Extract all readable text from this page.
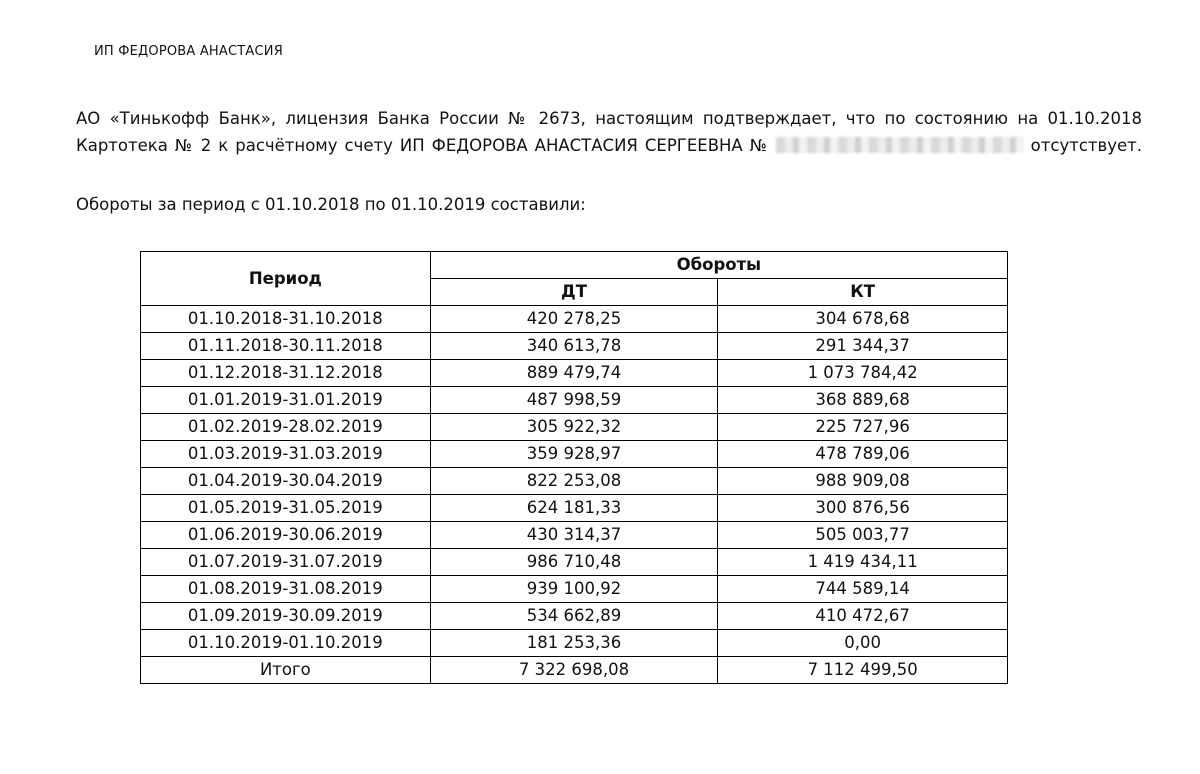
ИП ФЕДОРОВА АНАСТАСИЯ
АО «Тинькофф Банк», лицензия Банка России № 2673, настоящим подтверждает, что по состоянию на 01.10.2018
Картотека № 2 к расчётному счету ИП ФЕДОРОВА АНАСТАСИЯ СЕРГЕЕВНА №	отсутствует.
Обороты за период с 01.10.2018 по 01.10.2019 составили:
Период	Обороты	
	ДТ	КТ
01.10.2018-31.10.2018	420 278,25	304 678,68
01.11.2018-30.11.2018	340 613,78	291 344,37
01.12.2018-31.12.2018	889 479,74	1 073 784,42
01.01.2019-31.01.2019	487 998,59	368 889,68
01.02.2019-28.02.2019	305 922,32	225 727,96
01.03.2019-31.03.2019	359 928,97	478 789,06
01.04.2019-30.04.2019	822 253,08	988 909,08
01.05.2019-31.05.2019	624 181,33	300 876,56
01.06.2019-30.06.2019	430 314,37	505 003,77
01.07.2019-31.07.2019	986 710,48	1 419 434,11
01.08.2019-31.08.2019	939 100,92	744 589,14
01.09.2019-30.09.2019	534 662,89	410 472,67
01.10.2019-01.10.2019	181 253,36	0,00
Итого	7 322 698,08	7 112 499,50
